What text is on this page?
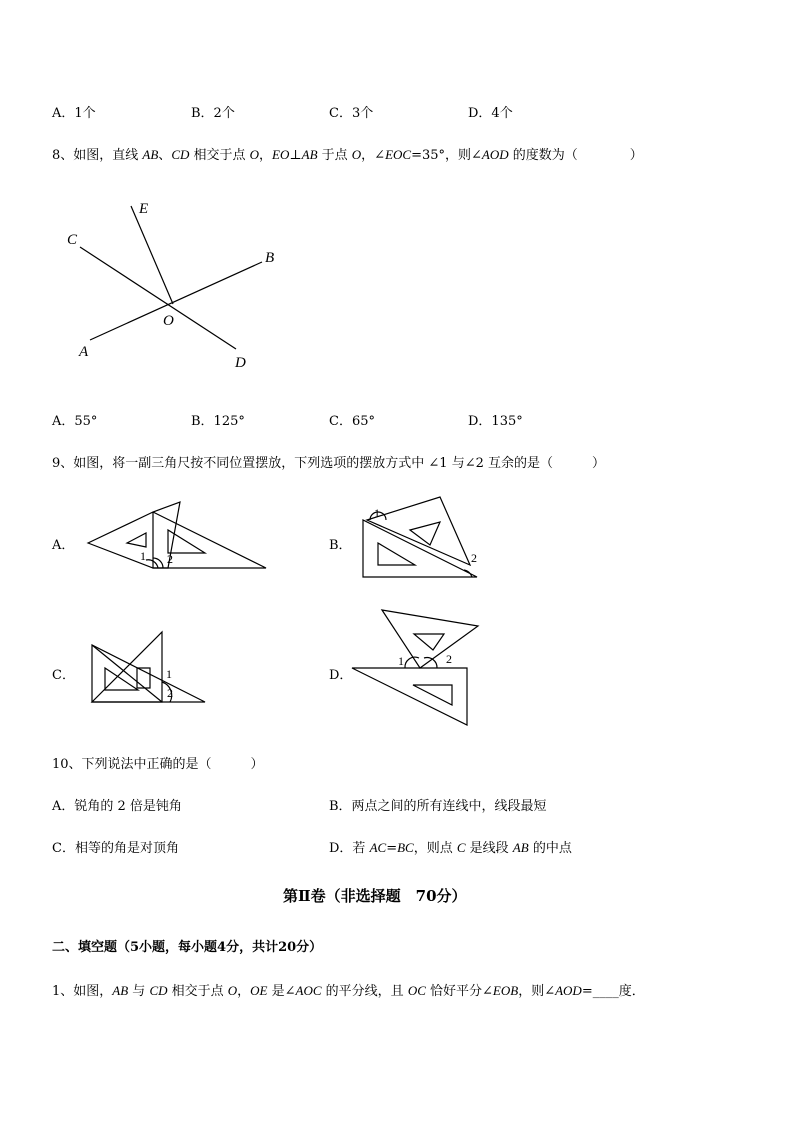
A．1个	B．2个	C．3个	D．4个
8、如图，直线 AB、CD 相交于点 O，EO⊥AB 于点 O，∠EOC=35°，则∠AOD 的度数为（　　　　）
E
C
B
O
A
D
A．55°	B．125°	C．65°	D．135°
9、如图，将一副三角尺按不同位置摆放，下列选项的摆放方式中 ∠1 与∠2 互余的是（　　　）
A．	B．
C．	D．
1 2
1
2
1
2
1	2
10、下列说法中正确的是（　　　）
A．锐角的 2 倍是钝角	B．两点之间的所有连线中，线段最短
C．相等的角是对顶角	D．若 AC=BC，则点 C 是线段 AB 的中点
第Ⅱ卷（非选择题　70分）
二、填空题（5小题，每小题4分，共计20分）
1、如图，AB 与 CD 相交于点 O，OE 是∠AOC 的平分线，且 OC 恰好平分∠EOB，则∠AOD=____度．
